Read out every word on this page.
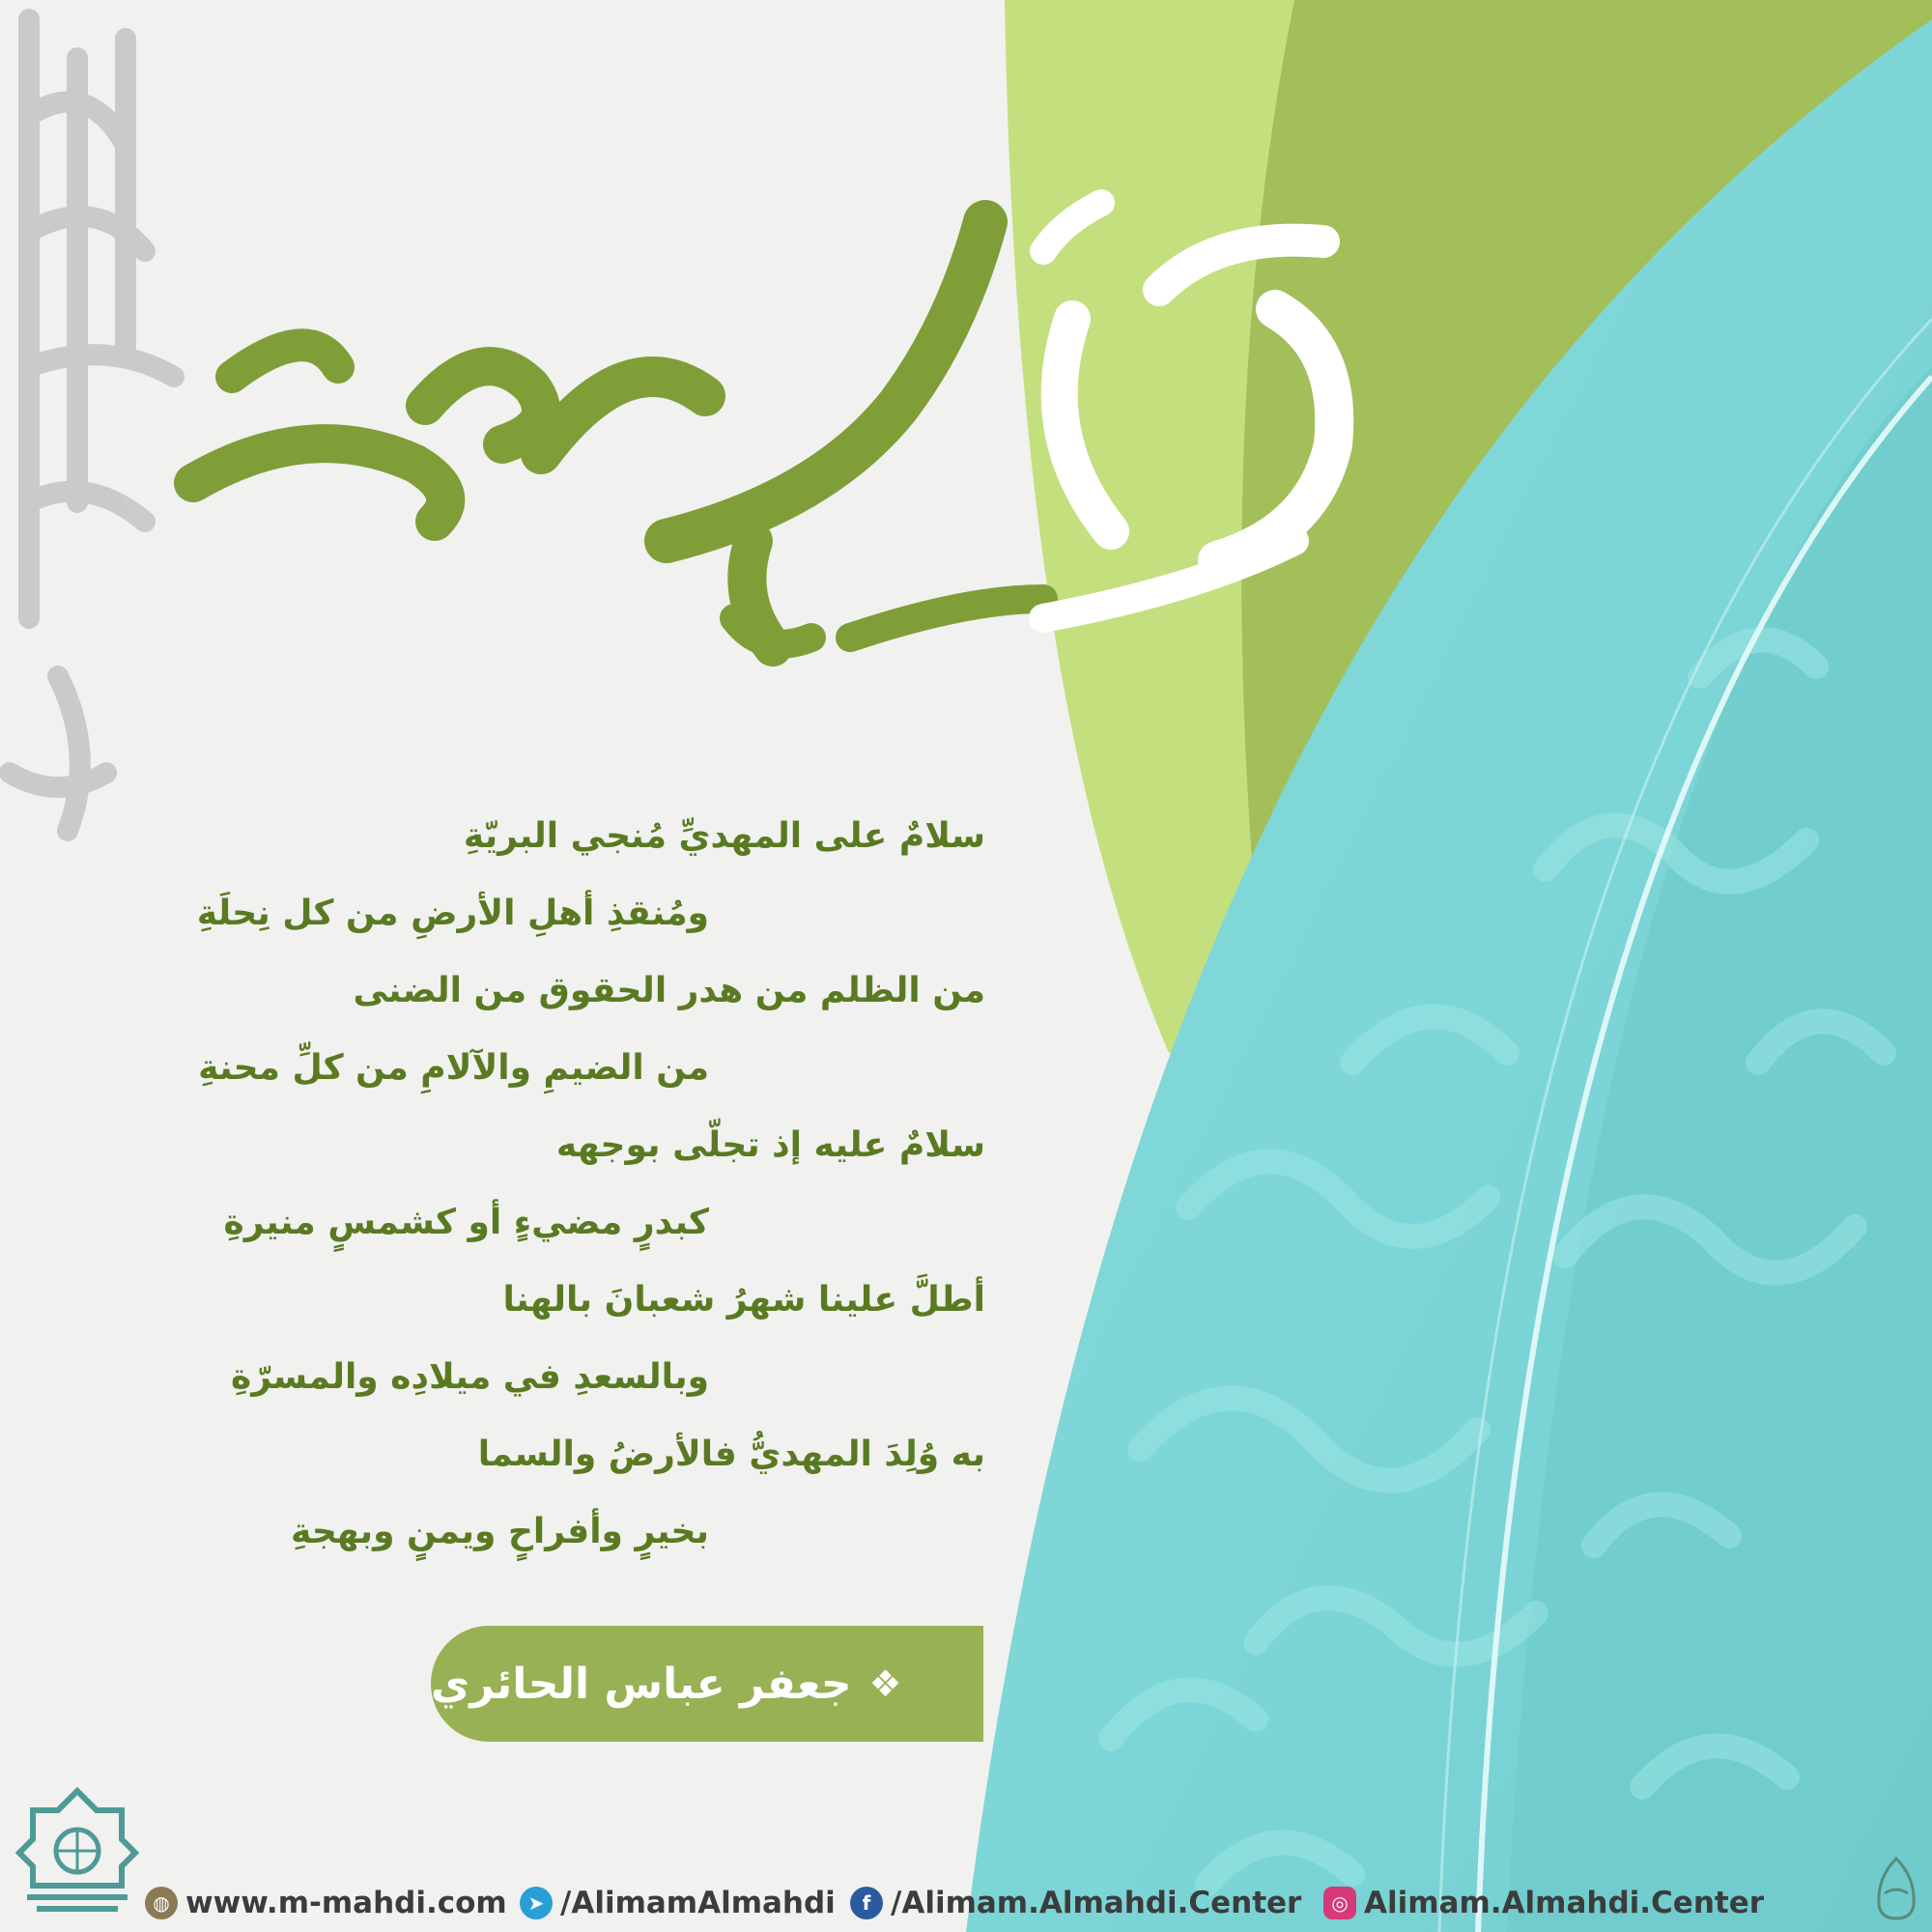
سلامٌ على المهديِّ مُنجي البريّةِ
ومُنقذِ أهلِ الأرضِ من كل نِحلَةِ
من الظلم من هدر الحقوق من الضنى
من الضيمِ والآلامِ من كلِّ محنةِ
سلامٌ عليه إذ تجلّى بوجهه
كبدرٍ مضيءٍ أو كشمسٍ منيرةِ
أطلَّ علينا شهرُ شعبانَ بالهنا
وبالسعدِ في ميلادِه والمسرّةِ
به وُلِدَ المهديُّ فالأرضُ والسما
بخيرٍ وأفراحٍ ويمنٍ وبهجةِ
❖
جعفر عباس الحائري
◍ www.m-mahdi.com	➤ /AlimamAlmahdi	f /Alimam.Almahdi.Center	◎ Alimam.Almahdi.Center
